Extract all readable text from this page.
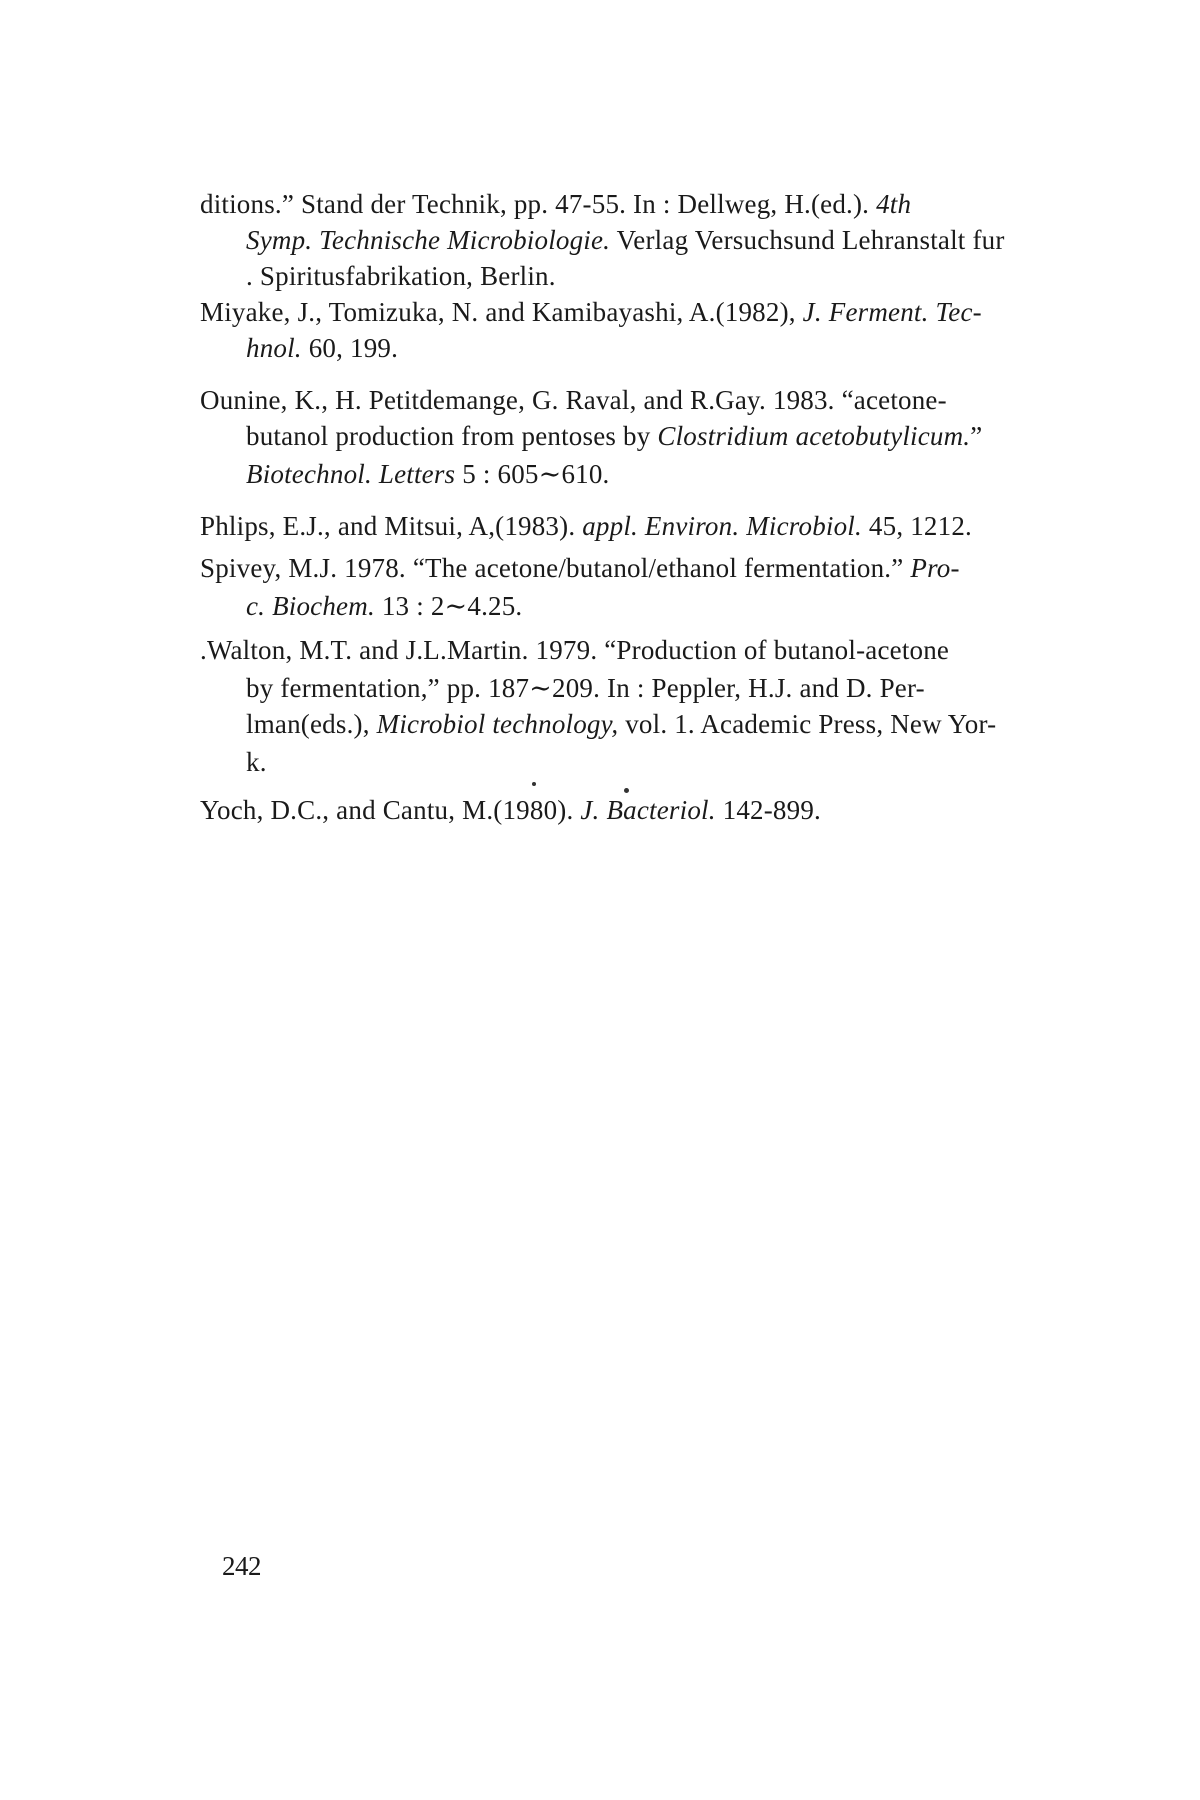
ditions.” Stand der Technik, pp. 47-55. In : Dellweg, H.(ed.). 4th
Symp. Technische Microbiologie. Verlag Versuchsund Lehranstalt fur
. Spiritusfabrikation, Berlin.
Miyake, J., Tomizuka, N. and Kamibayashi, A.(1982), J. Ferment. Tec-
hnol. 60, 199.
Ounine, K., H. Petitdemange, G. Raval, and R.Gay. 1983. “acetone-
butanol production from pentoses by Clostridium acetobutylicum.”
Biotechnol. Letters 5 : 605∼610.
Phlips, E.J., and Mitsui, A,(1983). appl. Environ. Microbiol. 45, 1212.
Spivey, M.J. 1978. “The acetone/butanol/ethanol fermentation.” Pro-
c. Biochem. 13 : 2∼4.25.
.Walton, M.T. and J.L.Martin. 1979. “Production of butanol-acetone
by fermentation,” pp. 187∼209. In : Peppler, H.J. and D. Per-
lman(eds.), Microbiol technology, vol. 1. Academic Press, New Yor-
k.
Yoch, D.C., and Cantu, M.(1980). J. Bacteriol. 142-899.
242
